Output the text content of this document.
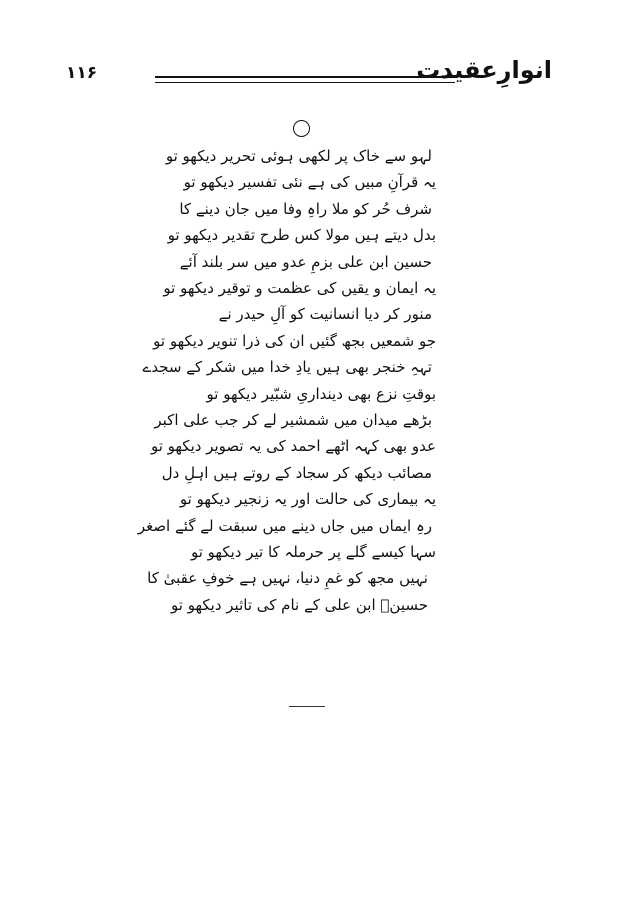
۱۱۶	انوارِعقیدت
لہو سے خاک پر لکھی ہوئی تحریر دیکھو تو
یہ قرآنِ مبیں کی ہے نئی تفسیر دیکھو تو
شرف حُر کو ملا راہِ وفا میں جان دینے کا
بدل دیتے ہیں مولا کس طرح تقدیر دیکھو تو
حسین ابن علی بزمِ عدو میں سر بلند آئے
یہ ایمان و یقیں کی عظمت و توقیر دیکھو تو
منور کر دیا انسانیت کو آلِ حیدر نے
جو شمعیں بجھ گئیں ان کی ذرا تنویر دیکھو تو
تہہِ خنجر بھی ہیں یادِ خدا میں شکر کے سجدے
بوقتِ نزع بھی دینداریِ شبّیر دیکھو تو
بڑھے میدان میں شمشیر لے کر جب علی اکبر
عدو بھی کہہ اٹھے احمد کی یہ تصویر دیکھو تو
مصائب دیکھ کر سجاد کے روتے ہیں اہلِ دل
یہ بیماری کی حالت اور یہ زنجیر دیکھو تو
رہِ ایماں میں جاں دینے میں سبقت لے گئے اصغر
سہا کیسے گلے پر حرملہ کا تیر دیکھو تو
نہیں مجھ کو غمِ دنیا، نہیں ہے خوفِ عقبیٰ کا
حسینؑ ابن علی کے نام کی تاثیر دیکھو تو
